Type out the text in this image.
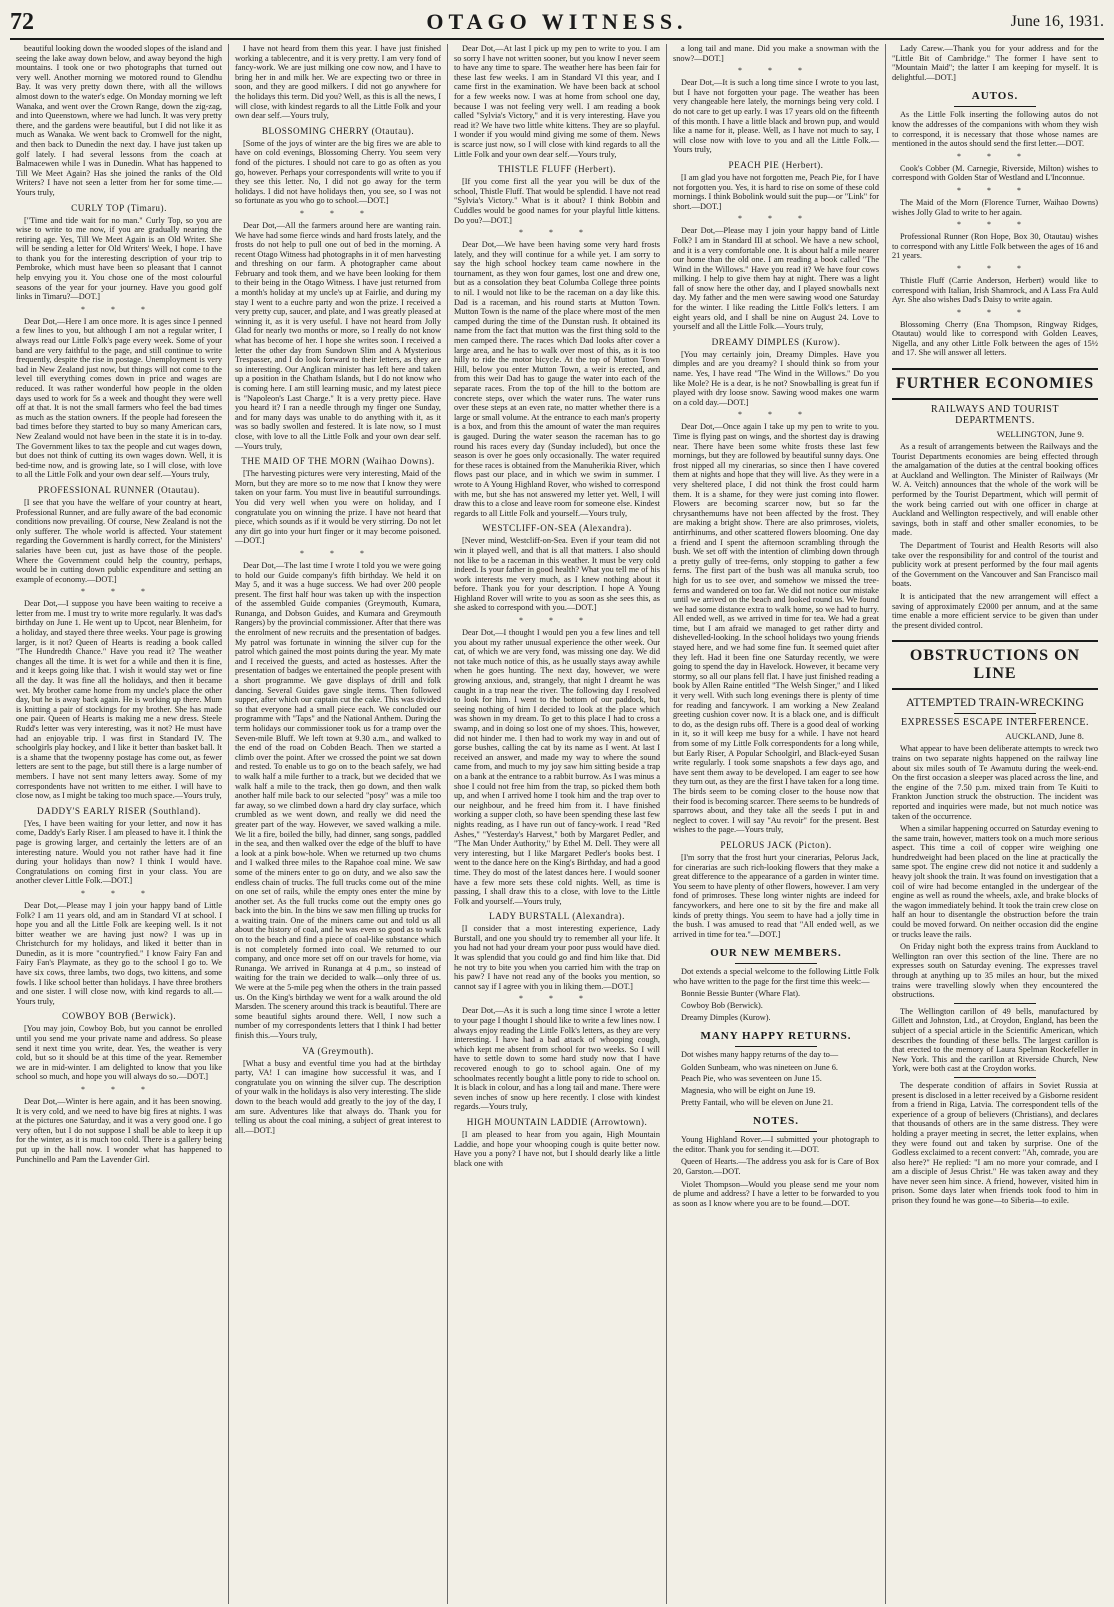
72	OTAGO WITNESS.	June 16, 1931.

beautiful looking down the wooded slopes of the island and seeing the lake away down below, and away beyond the high mountains. I took one or two photographs that turned out very well. Another morning we motored round to Glendhu Bay. It was very pretty down there, with all the willows almost down to the water's edge. On Monday morning we left Wanaka, and went over the Crown Range, down the zig-zag, and into Queenstown, where we had lunch. It was very pretty there, and the gardens were beautiful, but I did not like it as much as Wanaka. We went back to Cromwell for the night, and then back to Dunedin the next day. I have just taken up golf lately. I had several lessons from the coach at Balmacewen while I was in Dunedin. What has happened to Till We Meet Again? Has she joined the ranks of the Old Writers? I have not seen a letter from her for some time.—Yours truly,

CURLY TOP (Timaru).

["Time and tide wait for no man." Curly Top, so you are wise to write to me now, if you are gradually nearing the retiring age. Yes, Till We Meet Again is an Old Writer. She will be sending a letter for Old Writers' Week, I hope. I have to thank you for the interesting description of your trip to Pembroke, which must have been so pleasant that I cannot help envying you it. You chose one of the most colourful seasons of the year for your journey. Have you good golf links in Timaru?—DOT.]

* * *

Dear Dot,—Here I am once more. It is ages since I penned a few lines to you, but although I am not a regular writer, I always read our Little Folk's page every week. Some of your band are very faithful to the page, and still continue to write frequently, despite the rise in postage. Unemployment is very bad in New Zealand just now, but things will not come to the level till everything comes down in price and wages are reduced. It was rather wonderful how people in the olden days used to work for 5s a week and thought they were well off at that. It is not the small farmers who feel the bad times as much as the station owners. If the people had foreseen the bad times before they started to buy so many American cars, New Zealand would not have been in the state it is in to-day. The Government likes to tax the people and cut wages down, but does not think of cutting its own wages down. Well, it is bed-time now, and is growing late, so I will close, with love to all the Little Folk and your own dear self.—Yours truly,

PROFESSIONAL RUNNER (Otautau).

[I see that you have the welfare of your country at heart, Professional Runner, and are fully aware of the bad economic conditions now prevailing. Of course, New Zealand is not the only sufferer. The whole world is affected. Your statement regarding the Government is hardly correct, for the Ministers' salaries have been cut, just as have those of the people. Where the Government could help the country, perhaps, would be in cutting down public expenditure and setting an example of economy.—DOT.]

* * *

Dear Dot,—I suppose you have been waiting to receive a letter from me. I must try to write more regularly. It was dad's birthday on June 1. He went up to Upcot, near Blenheim, for a holiday, and stayed there three weeks. Your page is growing larger, is it not? Queen of Hearts is reading a book called "The Hundredth Chance." Have you read it? The weather changes all the time. It is wet for a while and then it is fine, and it keeps going like that. I wish it would stay wet or fine all the day. It was fine all the holidays, and then it became wet. My brother came home from my uncle's place the other day, but he is away back again. He is working up there. Mum is knitting a pair of stockings for my brother. She has made one pair. Queen of Hearts is making me a new dress. Steele Rudd's letter was very interesting, was it not? He must have had an enjoyable trip. I was first in Standard IV. The schoolgirls play hockey, and I like it better than basket ball. It is a shame that the twopenny postage has come out, as fewer letters are sent to the page, but still there is a large number of members. I have not sent many letters away. Some of my correspondents have not written to me either. I will have to close now, as I might be taking too much space.—Yours truly,

DADDY'S EARLY RISER (Southland).

[Yes, I have been waiting for your letter, and now it has come, Daddy's Early Riser. I am pleased to have it. I think the page is growing larger, and certainly the letters are of an interesting nature. Would you not rather have had it fine during your holidays than now? I think I would have. Congratulations on coming first in your class. You are another clever Little Folk.—DOT.]

* * *

Dear Dot,—Please may I join your happy band of Little Folk? I am 11 years old, and am in Standard VI at school. I hope you and all the Little Folk are keeping well. Is it not bitter weather we are having just now? I was up in Christchurch for my holidays, and liked it better than in Dunedin, as it is more "countryfied." I know Fairy Fan and Fairy Fan's Playmate, as they go to the school I go to. We have six cows, three lambs, two dogs, two kittens, and some fowls. I like school better than holidays. I have three brothers and one sister. I will close now, with kind regards to all.—Yours truly,

COWBOY BOB (Berwick).

[You may join, Cowboy Bob, but you cannot be enrolled until you send me your private name and address. So please send it next time you write, dear. Yes, the weather is very cold, but so it should be at this time of the year. Remember we are in mid-winter. I am delighted to know that you like school so much, and hope you will always do so.—DOT.]

* * *

Dear Dot,—Winter is here again, and it has been snowing. It is very cold, and we need to have big fires at nights. I was at the pictures one Saturday, and it was a very good one. I go very often, but I do not suppose I shall be able to keep it up for the winter, as it is much too cold. There is a gallery being put up in the hall now. I wonder what has happened to Punchinello and Pam the Lavender Girl.

I have not heard from them this year. I have just finished working a tablecentre, and it is very pretty. I am very fond of fancy-work. We are just milking one cow now, and I have to bring her in and milk her. We are expecting two or three in soon, and they are good milkers. I did not go anywhere for the holidays this term. Did you? Well, as this is all the news, I will close, with kindest regards to all the Little Folk and your own dear self.—Yours truly,

BLOSSOMING CHERRY (Otautau).

[Some of the joys of winter are the big fires we are able to have on cold evenings, Blossoming Cherry. You seem very fond of the pictures. I should not care to go as often as you go, however. Perhaps your correspondents will write to you if they see this letter. No, I did not go away for the term holidays. I did not have holidays then, you see, so I was not so fortunate as you who go to school.—DOT.]

* * *

Dear Dot,—All the farmers around here are wanting rain. We have had some fierce winds and hard frosts lately, and the frosts do not help to pull one out of bed in the morning. A recent Otago Witness had photographs in it of men harvesting and threshing on our farm. A photographer came about February and took them, and we have been looking for them to their being in the Otago Witness. I have just returned from a month's holiday at my uncle's up at Fairlie, and during my stay I went to a euchre party and won the prize. I received a very pretty cup, saucer, and plate, and I was greatly pleased at winning it, as it is very useful. I have not heard from Jolly Glad for nearly two months or more, so I really do not know what has become of her. I hope she writes soon. I received a letter the other day from Sundown Slim and A Mysterious Trespasser, and I do look forward to their letters, as they are so interesting. Our Anglican minister has left here and taken up a position in the Chatham Islands, but I do not know who is coming here. I am still learning music, and my latest piece is "Napoleon's Last Charge." It is a very pretty piece. Have you heard it? I ran a needle through my finger one Sunday, and for many days was unable to do anything with it, as it was so badly swollen and festered. It is late now, so I must close, with love to all the Little Folk and your own dear self.—Yours truly,

THE MAID OF THE MORN (Waihao Downs).

[The harvesting pictures were very interesting, Maid of the Morn, but they are more so to me now that I know they were taken on your farm. You must live in beautiful surroundings. You did very well when you were on holiday, and I congratulate you on winning the prize. I have not heard that piece, which sounds as if it would be very stirring. Do not let any dirt go into your hurt finger or it may become poisoned.—DOT.]

* * *

Dear Dot,—The last time I wrote I told you we were going to hold our Guide company's fifth birthday. We held it on May 5, and it was a huge success. We had over 200 people present. The first half hour was taken up with the inspection of the assembled Guide companies (Greymouth, Kumara, Runanga, and Dobson Guides, and Kumara and Greymouth Rangers) by the provincial commissioner. After that there was the enrolment of new recruits and the presentation of badges. My patrol was fortunate in winning the silver cup for the patrol which gained the most points during the year. My mate and I received the guests, and acted as hostesses. After the presentation of badges we entertained the people present with a short programme. We gave displays of drill and folk dancing. Several Guides gave single items. Then followed supper, after which our captain cut the cake. This was divided so that everyone had a small piece each. We concluded our programme with "Taps" and the National Anthem. During the term holidays our commissioner took us for a tramp over the Seven-mile Bluff. We left town at 9.30 a.m., and walked to the end of the road on Cobden Beach. Then we started a climb over the point. After we crossed the point we sat down and rested. To enable us to go on to the beach safely, we had to walk half a mile further to a track, but we decided that we walk half a mile to the track, then go down, and then walk another half mile back to our selected "posy" was a mile too far away, so we climbed down a hard dry clay surface, which crumbled as we went down, and really we did need the greater part of the way. However, we saved walking a mile. We lit a fire, boiled the billy, had dinner, sang songs, paddled in the sea, and then walked over the edge of the bluff to have a look at a pink bow-hole. When we returned up two chums and I walked three miles to the Rapahoe coal mine. We saw some of the miners enter to go on duty, and we also saw the endless chain of trucks. The full trucks come out of the mine on one set of rails, while the empty ones enter the mine by another set. As the full trucks come out the empty ones go back into the bin. In the bins we saw men filling up trucks for a waiting train. One of the miners came out and told us all about the history of coal, and he was even so good as to walk on to the beach and find a piece of coal-like substance which is not completely formed into coal. We returned to our company, and once more set off on our travels for home, via Runanga. We arrived in Runanga at 4 p.m., so instead of waiting for the train we decided to walk—only three of us. We were at the 5-mile peg when the others in the train passed us. On the King's birthday we went for a walk around the old Marsden. The scenery around this track is beautiful. There are some beautiful sights around there. Well, I now such a number of my correspondents letters that I think I had better finish this.—Yours truly,

VA (Greymouth).

[What a busy and eventful time you had at the birthday party, VA! I can imagine how successful it was, and I congratulate you on winning the silver cup. The description of your walk in the holidays is also very interesting. The slide down to the beach would add greatly to the joy of the day, I am sure. Adventures like that always do. Thank you for telling us about the coal mining, a subject of great interest to all.—DOT.]

Dear Dot,—At last I pick up my pen to write to you. I am so sorry I have not written sooner, but you know I never seem to have any time to spare. The weather here has been fair for these last few weeks. I am in Standard VI this year, and I came first in the examination. We have been back at school for a few weeks now. I was at home from school one day, because I was not feeling very well. I am reading a book called "Sylvia's Victory," and it is very interesting. Have you read it? We have two little white kittens. They are so playful. I wonder if you would mind giving me some of them. News is scarce just now, so I will close with kind regards to all the Little Folk and your own dear self.—Yours truly,

THISTLE FLUFF (Herbert).

[If you come first all the year you will be dux of the school, Thistle Fluff. That would be splendid. I have not read "Sylvia's Victory." What is it about? I think Bobbin and Cuddles would be good names for your playful little kittens. Do you?—DOT.]

* * *

Dear Dot,—We have been having some very hard frosts lately, and they will continue for a while yet. I am sorry to say the high school hockey team came nowhere in the tournament, as they won four games, lost one and drew one, but as a consolation they beat Columba College three points to nil. I would not like to be the raceman on a day like this. Dad is a raceman, and his round starts at Mutton Town. Mutton Town is the name of the place where most of the men camped during the time of the Dunstan rush. It obtained its name from the fact that mutton was the first thing sold to the men camped there. The races which Dad looks after cover a large area, and he has to walk over most of this, as it is too hilly to ride the motor bicycle. At the top of Mutton Town Hill, below you enter Mutton Town, a weir is erected, and from this weir Dad has to gauge the water into each of the separate races. From the top of the hill to the bottom are concrete steps, over which the water runs. The water runs over these steps at an even rate, no matter whether there is a large or small volume. At the entrance to each man's property is a box, and from this the amount of water the man requires is gauged. During the water season the raceman has to go round his races every day (Sunday included), but once the season is over he goes only occasionally. The water required for these races is obtained from the Manuherikia River, which flows past our place, and in which we swim in summer. I wrote to A Young Highland Rover, who wished to correspond with me, but she has not answered my letter yet. Well, I will draw this to a close and leave room for someone else. Kindest regards to all Little Folk and yourself.—Yours truly,

WESTCLIFF-ON-SEA (Alexandra).

[Never mind, Westcliff-on-Sea. Even if your team did not win it played well, and that is all that matters. I also should not like to be a raceman in this weather. It must be very cold indeed. Is your father in good health? What you tell me of his work interests me very much, as I knew nothing about it before. Thank you for your description. I hope A Young Highland Rover will write to you as soon as she sees this, as she asked to correspond with you.—DOT.]

* * *

Dear Dot,—I thought I would pen you a few lines and tell you about my rather unusual experience the other week. Our cat, of which we are very fond, was missing one day. We did not take much notice of this, as he usually stays away awhile when he goes hunting. The next day, however, we were growing anxious, and, strangely, that night I dreamt he was caught in a trap near the river. The following day I resolved to look for him. I went to the bottom of our paddock, but seeing nothing of him I decided to look at the place which was shown in my dream. To get to this place I had to cross a swamp, and in doing so lost one of my shoes. This, however, did not hinder me. I then had to work my way in and out of gorse bushes, calling the cat by its name as I went. At last I received an answer, and made my way to where the sound came from, and much to my joy saw him sitting beside a trap on a bank at the entrance to a rabbit burrow. As I was minus a shoe I could not free him from the trap, so picked them both up, and when I arrived home I took him and the trap over to our neighbour, and he freed him from it. I have finished working a supper cloth, so have been spending these last few nights reading, as I have run out of fancy-work. I read "Red Ashes," "Yesterday's Harvest," both by Margaret Pedler, and "The Man Under Authority," by Ethel M. Dell. They were all very interesting, but I like Margaret Pedler's books best. I went to the dance here on the King's Birthday, and had a good time. They do most of the latest dances here. I would sooner have a few more sets these cold nights. Well, as time is passing, I shall draw this to a close, with love to the Little Folk and yourself.—Yours truly,

LADY BURSTALL (Alexandra).

[I consider that a most interesting experience, Lady Burstall, and one you should try to remember all your life. It you had not had your dream your poor puss would have died. It was splendid that you could go and find him like that. Did he not try to bite you when you carried him with the trap on his paw? I have not read any of the books you mention, so cannot say if I agree with you in liking them.—DOT.]

* * *

Dear Dot,—As it is such a long time since I wrote a letter to your page I thought I should like to write a few lines now. I always enjoy reading the Little Folk's letters, as they are very interesting. I have had a bad attack of whooping cough, which kept me absent from school for two weeks. So I will have to settle down to some hard study now that I have recovered enough to go to school again. One of my schoolmates recently bought a little pony to ride to school on. It is black in colour, and has a long tail and mane. There were seven inches of snow up here recently. I close with kindest regards.—Yours truly,

HIGH MOUNTAIN LADDIE (Arrowtown).

[I am pleased to hear from you again, High Mountain Laddie, and hope your whooping cough is quite better now. Have you a pony? I have not, but I should dearly like a little black one with

a long tail and mane. Did you make a snowman with the snow?—DOT.]

* * *

Dear Dot,—It is such a long time since I wrote to you last, but I have not forgotten your page. The weather has been very changeable here lately, the mornings being very cold. I do not care to get up early. I was 17 years old on the fifteenth of this month. I have a little black and brown pup, and would like a name for it, please. Well, as I have not much to say, I will close now with love to you and all the Little Folk.—Yours truly,

PEACH PIE (Herbert).

[I am glad you have not forgotten me, Peach Pie, for I have not forgotten you. Yes, it is hard to rise on some of these cold mornings. I think Bobolink would suit the pup—or "Link" for short.—DOT.]

* * *

Dear Dot,—Please may I join your happy band of Little Folk? I am in Standard III at school. We have a new school, and it is a very comfortable one. It is about half a mile nearer our home than the old one. I am reading a book called "The Wind in the Willows." Have you read it? We have four cows milking. I help to give them hay at night. There was a light fall of snow here the other day, and I played snowballs next day. My father and the men were sawing wood one Saturday for the winter. I like reading the Little Folk's letters. I am eight years old, and I shall be nine on August 24. Love to yourself and all the Little Folk.—Yours truly,

DREAMY DIMPLES (Kurow).

[You may certainly join, Dreamy Dimples. Have you dimples and are you dreamy? I should think so from your name. Yes, I have read "The Wind in the Willows." Do you like Mole? He is a dear, is he not? Snowballing is great fun if played with dry loose snow. Sawing wood makes one warm on a cold day.—DOT.]

* * *

Dear Dot,—Once again I take up my pen to write to you. Time is flying past on wings, and the shortest day is drawing near. There have been some white frosts these last few mornings, but they are followed by beautiful sunny days. One frost nipped all my cinerarias, so since then I have covered them at nights and hope that they will live. As they were in a very sheltered place, I did not think the frost could harm them. It is a shame, for they were just coming into flower. Flowers are becoming scarcer now, but so far the chrysanthemums have not been affected by the frost. They are making a bright show. There are also primroses, violets, antirrhinums, and other scattered flowers blooming. One day a friend and I spent the afternoon scrambling through the bush. We set off with the intention of climbing down through a pretty gully of tree-ferns, only stopping to gather a few ferns. The first part of the bush was all manuka scrub, too high for us to see over, and somehow we missed the tree-ferns and wandered on too far. We did not notice our mistake until we arrived on the beach and looked round us. We found we had some distance extra to walk home, so we had to hurry. All ended well, as we arrived in time for tea. We had a great time, but I am afraid we managed to get rather dirty and dishevelled-looking. In the school holidays two young friends stayed here, and we had some fine fun. It seemed quiet after they left. Had it been fine one Saturday recently, we were going to spend the day in Havelock. However, it became very stormy, so all our plans fell flat. I have just finished reading a book by Allen Raine entitled "The Welsh Singer," and I liked it very well. With such long evenings there is plenty of time for reading and fancywork. I am working a New Zealand greeting cushion cover now. It is a black one, and is difficult to do, as the design rubs off. There is a good deal of working in it, so it will keep me busy for a while. I have not heard from some of my Little Folk correspondents for a long while, but Early Riser, A Popular Schoolgirl, and Black-eyed Susan write regularly. I took some snapshots a few days ago, and have sent them away to be developed. I am eager to see how they turn out, as they are the first I have taken for a long time. The birds seem to be coming closer to the house now that their food is becoming scarcer. There seems to be hundreds of sparrows about, and they take all the seeds I put in and neglect to cover. I will say "Au revoir" for the present. Best wishes to the page.—Yours truly,

PELORUS JACK (Picton).

[I'm sorry that the frost hurt your cinerarias, Pelorus Jack, for cinerarias are such rich-looking flowers that they make a great difference to the appearance of a garden in winter time. You seem to have plenty of other flowers, however. I am very fond of primroses. These long winter nights are indeed for fancyworkers, and here one to sit by the fire and make all kinds of pretty things. You seem to have had a jolly time in the bush. I was amused to read that "All ended well, as we arrived in time for tea."—DOT.]

OUR NEW MEMBERS.

Dot extends a special welcome to the following Little Folk who have written to the page for the first time this week:—

Bonnie Bessie Bunter (Whare Flat).
Cowboy Bob (Berwick).
Dreamy Dimples (Kurow).
MANY HAPPY RETURNS.

Dot wishes many happy returns of the day to—

Golden Sunbeam, who was nineteen on June 6.
Peach Pie, who was seventeen on June 15.
Magnesia, who will be eight on June 19.
Pretty Fantail, who will be eleven on June 21.
NOTES.

Young Highland Rover.—I submitted your photograph to the editor. Thank you for sending it.—DOT.

Queen of Hearts.—The address you ask for is Care of Box 20, Garston.—DOT.

Violet Thompson—Would you please send me your nom de plume and address? I have a letter to be forwarded to you as soon as I know where you are to be found.—DOT.

Lady Carew.—Thank you for your address and for the "Little Bit of Cambridge." The former I have sent to "Mountain Maid"; the latter I am keeping for myself. It is delightful.—DOT.]

AUTOS.

As the Little Folk inserting the following autos do not know the addresses of the companions with whom they wish to correspond, it is necessary that those whose names are mentioned in the autos should send the first letter.—DOT.

* * *

Cook's Cobber (M. Carnegie, Riverside, Milton) wishes to correspond with Golden Star of Westland and L'Inconnue.

* * *

The Maid of the Morn (Florence Turner, Waihao Downs) wishes Jolly Glad to write to her again.

* * *

Professional Runner (Ron Hope, Box 30, Otautau) wishes to correspond with any Little Folk between the ages of 16 and 21 years.

* * *

Thistle Fluff (Carrie Anderson, Herbert) would like to correspond with Italian, Irish Shamrock, and A Lass Fra Auld Ayr. She also wishes Dad's Daisy to write again.

* * *

Blossoming Cherry (Ena Thompson, Ringway Ridges, Otautau) would like to correspond with Golden Leaves, Nigella, and any other Little Folk between the ages of 15½ and 17. She will answer all letters.

FURTHER ECONOMIES
RAILWAYS AND TOURIST DEPARTMENTS.
WELLINGTON, June 9.

As a result of arrangements between the Railways and the Tourist Departments economies are being effected through the amalgamation of the duties at the central booking offices at Auckland and Wellington. The Minister of Railways (Mr W. A. Veitch) announces that the whole of the work will be performed by the Tourist Department, which will permit of the work being carried out with one officer in charge at Auckland and Wellington respectively, and will enable other savings, both in staff and other smaller economies, to be made.

The Department of Tourist and Health Resorts will also take over the responsibility for and control of the tourist and publicity work at present performed by the four mail agents of the Government on the Vancouver and San Francisco mail boats.

It is anticipated that the new arrangement will effect a saving of approximately £2000 per annum, and at the same time enable a more efficient service to be given than under the present divided control.

OBSTRUCTIONS ON LINE
ATTEMPTED TRAIN-WRECKING
EXPRESSES ESCAPE INTERFERENCE.
AUCKLAND, June 8.

What appear to have been deliberate attempts to wreck two trains on two separate nights happened on the railway line about six miles south of Te Awamutu during the week-end. On the first occasion a sleeper was placed across the line, and the engine of the 7.50 p.m. mixed train from Te Kuiti to Frankton Junction struck the obstruction. The incident was reported and inquiries were made, but not much notice was taken of the occurrence.

When a similar happening occurred on Saturday evening to the same train, however, matters took on a much more serious aspect. This time a coil of copper wire weighing one hundredweight had been placed on the line at practically the same spot. The engine crew did not notice it and suddenly a heavy jolt shook the train. It was found on investigation that a coil of wire had become entangled in the undergear of the engine as well as round the wheels, axle, and brake blocks of the wagon immediately behind. It took the train crew close on half an hour to disentangle the obstruction before the train could be moved forward. On neither occasion did the engine or trucks leave the rails.

On Friday night both the express trains from Auckland to Wellington ran over this section of the line. There are no expresses south on Saturday evening. The expresses travel through at anything up to 35 miles an hour, but the mixed trains were travelling slowly when they encountered the obstructions.

The Wellington carillon of 49 bells, manufactured by Gillett and Johnston, Ltd., at Croydon, England, has been the subject of a special article in the Scientific American, which describes the founding of these bells. The largest carillon is that erected to the memory of Laura Spelman Rockefeller in New York. This and the carillon at Riverside Church, New York, were both cast at the Croydon works.

The desperate condition of affairs in Soviet Russia at present is disclosed in a letter received by a Gisborne resident from a friend in Riga, Latvia. The correspondent tells of the experience of a group of believers (Christians), and declares that thousands of others are in the same distress. They were holding a prayer meeting in secret, the letter explains, when they were found out and taken by surprise. One of the Godless exclaimed to a recent convert: "Ah, comrade, you are also here?" He replied: "I am no more your comrade, and I am a disciple of Jesus Christ." He was taken away and they have never seen him since. A friend, however, visited him in prison. Some days later when friends took food to him in prison they found he was gone—to Siberia—to exile.
